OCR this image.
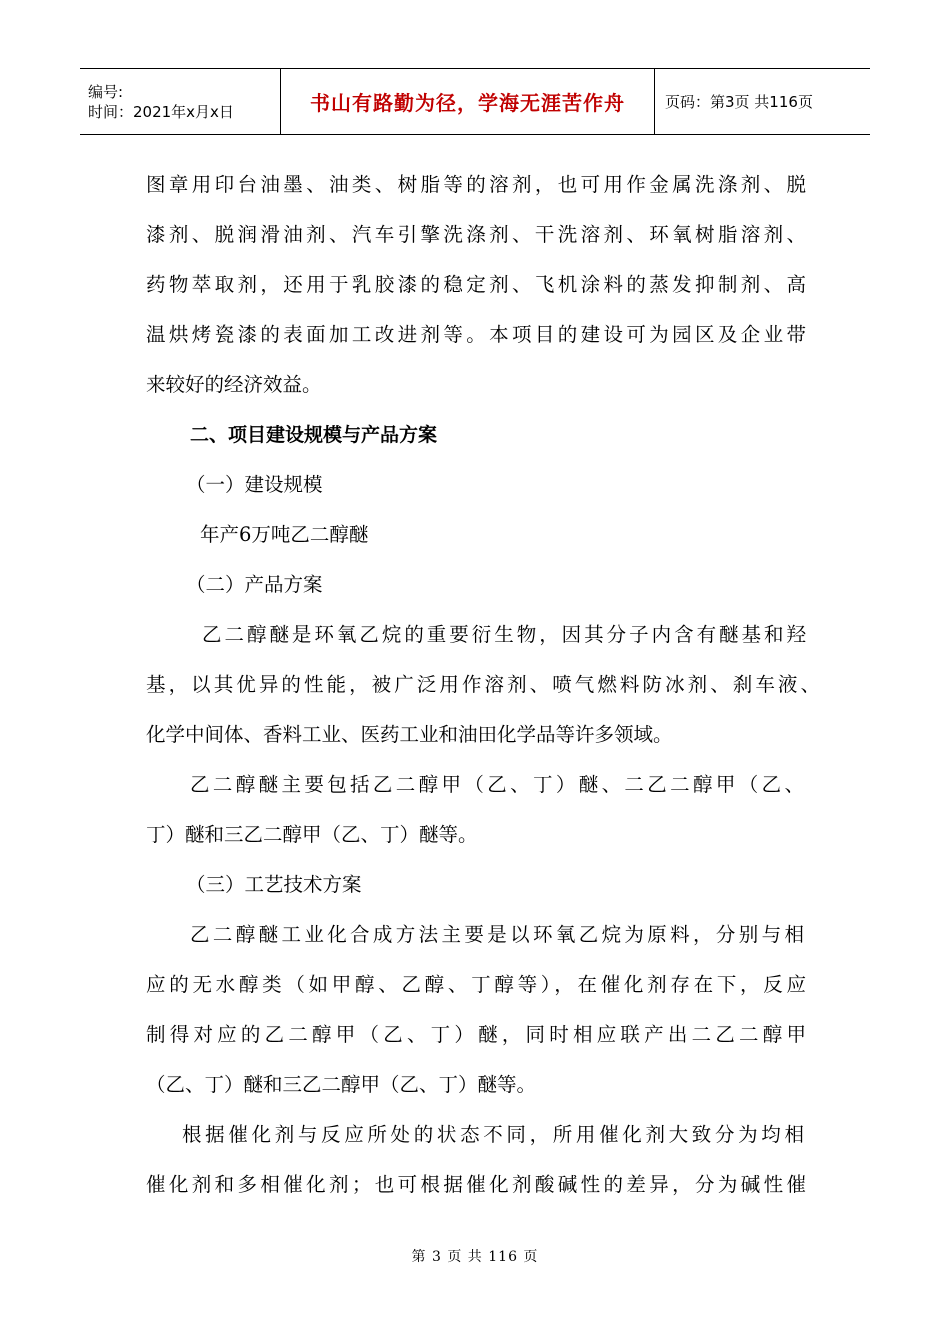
编号:
时间：2021年x月x日	书山有路勤为径，学海无涯苦作舟	页码：第3页 共116页
图章用印台油墨、油类、树脂等的溶剂，也可用作金属洗涤剂、脱
漆剂、脱润滑油剂、汽车引擎洗涤剂、干洗溶剂、环氧树脂溶剂、
药物萃取剂，还用于乳胶漆的稳定剂、飞机涂料的蒸发抑制剂、高
温烘烤瓷漆的表面加工改进剂等。本项目的建设可为园区及企业带
来较好的经济效益。
二、项目建设规模与产品方案
（一）建设规模
年产6万吨乙二醇醚
（二）产品方案
乙二醇醚是环氧乙烷的重要衍生物，因其分子内含有醚基和羟
基，以其优异的性能，被广泛用作溶剂、喷气燃料防冰剂、刹车液、
化学中间体、香料工业、医药工业和油田化学品等许多领域。
乙二醇醚主要包括乙二醇甲（乙、丁）醚、二乙二醇甲（乙、
丁）醚和三乙二醇甲（乙、丁）醚等。
（三）工艺技术方案
乙二醇醚工业化合成方法主要是以环氧乙烷为原料，分别与相
应的无水醇类（如甲醇、乙醇、丁醇等），在催化剂存在下，反应
制得对应的乙二醇甲（乙、丁）醚，同时相应联产出二乙二醇甲
（乙、丁）醚和三乙二醇甲（乙、丁）醚等。
根据催化剂与反应所处的状态不同，所用催化剂大致分为均相
催化剂和多相催化剂；也可根据催化剂酸碱性的差异，分为碱性催
第 3 页 共 116 页
